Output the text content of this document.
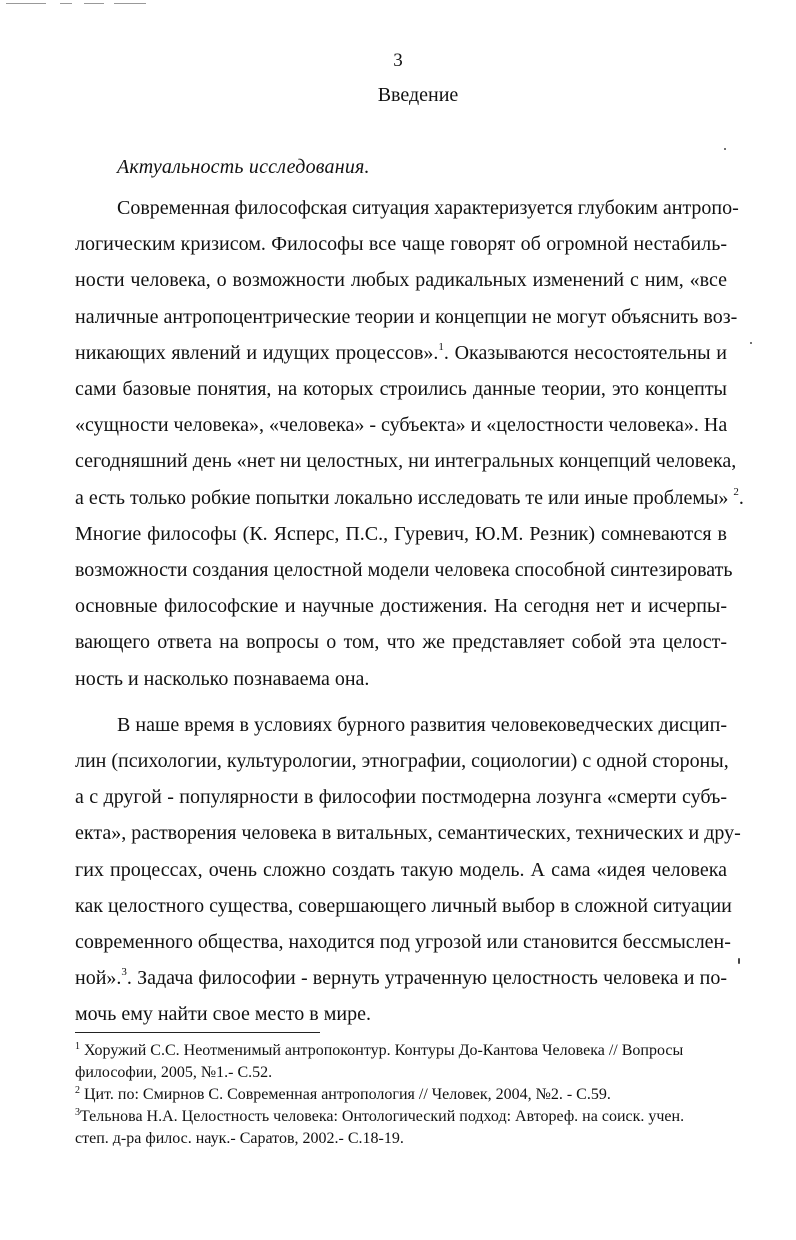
3
Введение
Актуальность исследования.

Современная философская ситуация характеризуется глубоким антропо-
логическим кризисом. Философы все чаще говорят об огромной нестабиль-
ности человека, о возможности любых радикальных изменений с ним, «все
наличные антропоцентрические теории и концепции не могут объяснить воз-
никающих явлений и идущих процессов».$^1$. Оказываются несостоятельны и
сами базовые понятия, на которых строились данные теории, это концепты
«сущности человека», «человека» - субъекта» и «целостности человека». На
сегодняшний день «нет ни целостных, ни интегральных концепций человека,
а есть только робкие попытки локально исследовать те или иные проблемы» $^2$.
Многие философы (К. Ясперс, П.С., Гуревич, Ю.М. Резник) сомневаются в
возможности создания целостной модели человека способной синтезировать
основные философские и научные достижения. На сегодня нет и исчерпы-
вающего ответа на вопросы о том, что же представляет собой эта целост-
ность и насколько познаваема она.

В наше время в условиях бурного развития человековедческих дисцип-
лин (психологии, культурологии, этнографии, социологии) с одной стороны,
а с другой - популярности в философии постмодерна лозунга «смерти субъ-
екта», растворения человека в витальных, семантических, технических и дру-
гих процессах, очень сложно создать такую модель. А сама «идея человека
как целостного существа, совершающего личный выбор в сложной ситуации
современного общества, находится под угрозой или становится бессмыслен-
ной».$^3$. Задача философии - вернуть утраченную целостность человека и по-
мочь ему найти свое место в мире.

$^1$ Хоружий С.С. Неотменимый антропоконтур. Контуры До-Кантова Человека // Вопросы
философии, 2005, №1.- С.52.
$^2$ Цит. по: Смирнов С. Современная антропология // Человек, 2004, №2. - С.59.
$^3$Тельнова Н.А. Целостность человека: Онтологический подход: Автореф. на соиск. учен.
степ. д-ра филос. наук.- Саратов, 2002.- С.18-19.
